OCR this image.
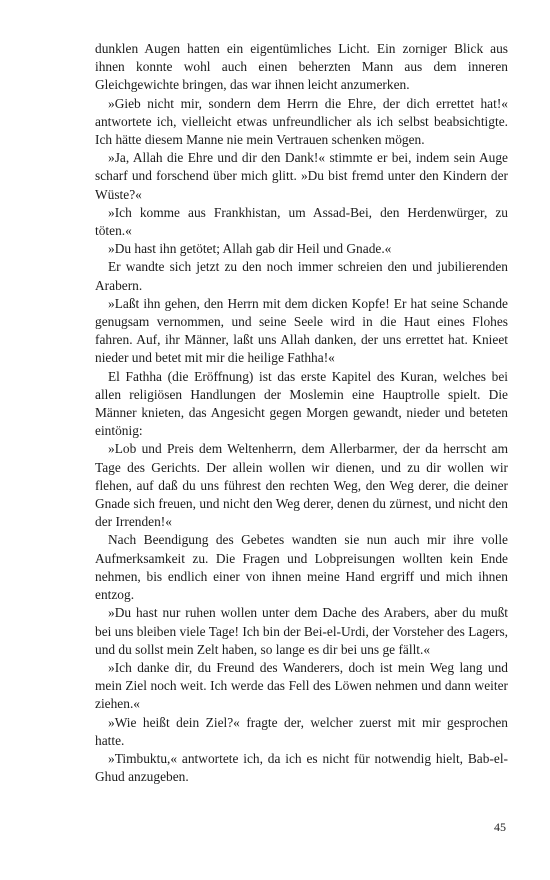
dunklen Augen hatten ein eigentümliches Licht. Ein zorniger Blick aus ihnen konnte wohl auch einen beherzten Mann aus dem inneren Gleichgewichte bringen, das war ihnen leicht anzumerken.

»Gieb nicht mir, sondern dem Herrn die Ehre, der dich errettet hat!« antwortete ich, vielleicht etwas unfreundlicher als ich selbst beabsichtigte. Ich hätte diesem Manne nie mein Vertrauen schenken mögen.

»Ja, Allah die Ehre und dir den Dank!« stimmte er bei, indem sein Auge scharf und forschend über mich glitt. »Du bist fremd unter den Kindern der Wüste?«

»Ich komme aus Frankhistan, um Assad-Bei, den Herdenwürger, zu töten.«

»Du hast ihn getötet; Allah gab dir Heil und Gnade.«

Er wandte sich jetzt zu den noch immer schreien den und jubilierenden Arabern.

»Laßt ihn gehen, den Herrn mit dem dicken Kopfe! Er hat seine Schande genugsam vernommen, und seine Seele wird in die Haut eines Flohes fahren. Auf, ihr Männer, laßt uns Allah danken, der uns errettet hat. Knieet nieder und betet mit mir die heilige Fathha!«

El Fathha (die Eröffnung) ist das erste Kapitel des Kuran, welches bei allen religiösen Handlungen der Moslemin eine Hauptrolle spielt. Die Männer knieten, das Angesicht gegen Morgen gewandt, nieder und beteten eintönig:

»Lob und Preis dem Weltenherrn, dem Allerbarmer, der da herrscht am Tage des Gerichts. Der allein wollen wir dienen, und zu dir wollen wir flehen, auf daß du uns führest den rechten Weg, den Weg derer, die deiner Gnade sich freuen, und nicht den Weg derer, denen du zürnest, und nicht den der Irrenden!«

Nach Beendigung des Gebetes wandten sie nun auch mir ihre volle Aufmerksamkeit zu. Die Fragen und Lobpreisungen wollten kein Ende nehmen, bis endlich einer von ihnen meine Hand ergriff und mich ihnen entzog.

»Du hast nur ruhen wollen unter dem Dache des Arabers, aber du mußt bei uns bleiben viele Tage! Ich bin der Bei-el-Urdi, der Vorsteher des Lagers, und du sollst mein Zelt haben, so lange es dir bei uns ge fällt.«

»Ich danke dir, du Freund des Wanderers, doch ist mein Weg lang und mein Ziel noch weit. Ich werde das Fell des Löwen nehmen und dann weiter ziehen.«

»Wie heißt dein Ziel?« fragte der, welcher zuerst mit mir gesprochen hatte.

»Timbuktu,« antwortete ich, da ich es nicht für notwendig hielt, Bab-el-Ghud anzugeben.

45
